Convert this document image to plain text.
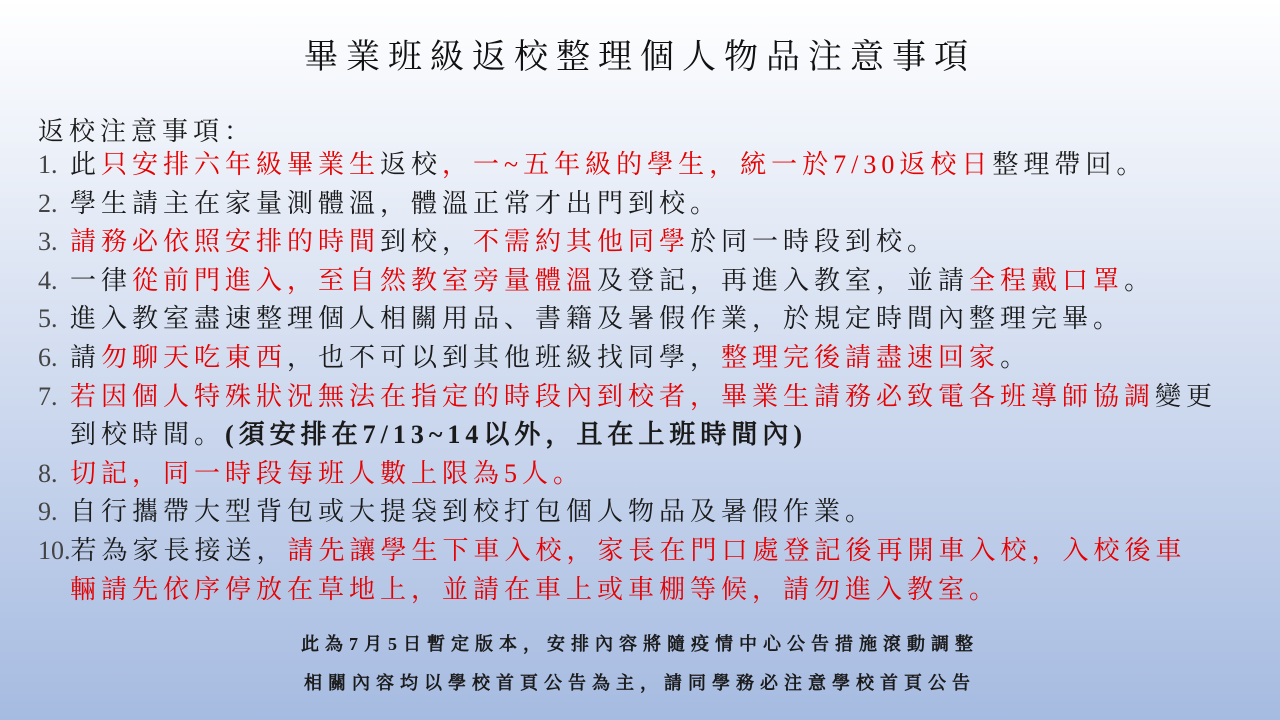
畢業班級返校整理個人物品注意事項
返校注意事項：
1. 此只安排六年級畢業生返校，一~五年級的學生，統一於7/30返校日整理帶回。
2. 學生請主在家量測體溫，體溫正常才出門到校。
3. 請務必依照安排的時間到校，不需約其他同學於同一時段到校。
4. 一律從前門進入，至自然教室旁量體溫及登記，再進入教室，並請全程戴口罩。
5. 進入教室盡速整理個人相關用品、書籍及暑假作業，於規定時間內整理完畢。
6. 請勿聊天吃東西，也不可以到其他班級找同學，整理完後請盡速回家。
7. 若因個人特殊狀況無法在指定的時段內到校者，畢業生請務必致電各班導師協調變更
到校時間。(須安排在7/13~14以外，且在上班時間內)
8. 切記，同一時段每班人數上限為5人。
9. 自行攜帶大型背包或大提袋到校打包個人物品及暑假作業。
10.若為家長接送，請先讓學生下車入校，家長在門口處登記後再開車入校，入校後車
輛請先依序停放在草地上，並請在車上或車棚等候，請勿進入教室。
此為7月5日暫定版本，安排內容將隨疫情中心公告措施滾動調整
相關內容均以學校首頁公告為主，請同學務必注意學校首頁公告
